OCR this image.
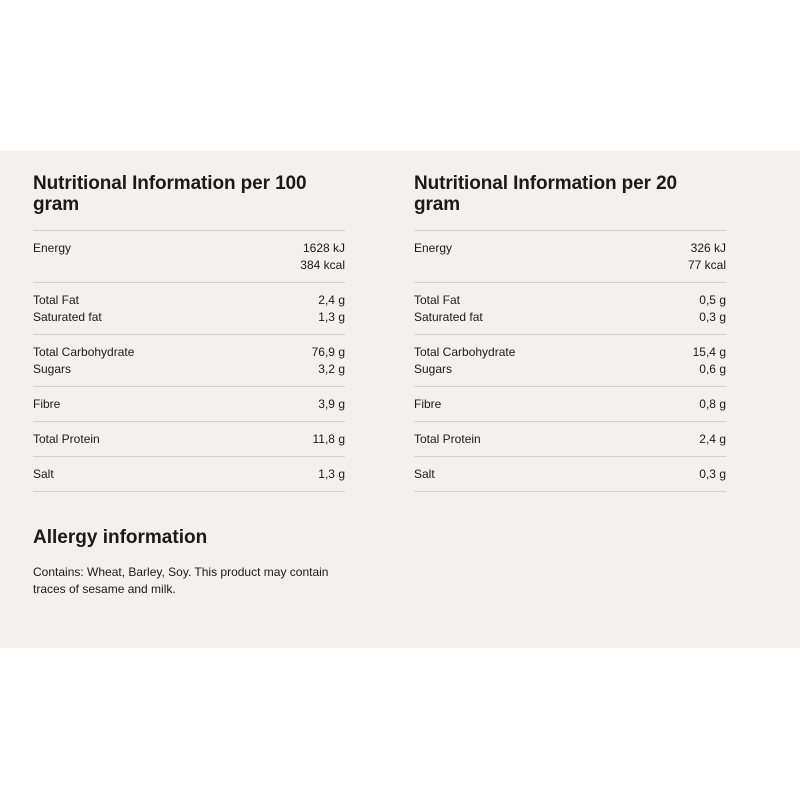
Nutritional Information per 100 gram
Energy	1628 kJ
384 kcal
Total Fat	2,4 g
Saturated fat	1,3 g
Total Carbohydrate	76,9 g
Sugars	3,2 g
Fibre	3,9 g
Total Protein	11,8 g
Salt	1,3 g
Nutritional Information per 20 gram
Energy	326 kJ
77 kcal
Total Fat	0,5 g
Saturated fat	0,3 g
Total Carbohydrate	15,4 g
Sugars	0,6 g
Fibre	0,8 g
Total Protein	2,4 g
Salt	0,3 g
Allergy information

Contains: Wheat, Barley, Soy. This product may contain traces of sesame and milk.
